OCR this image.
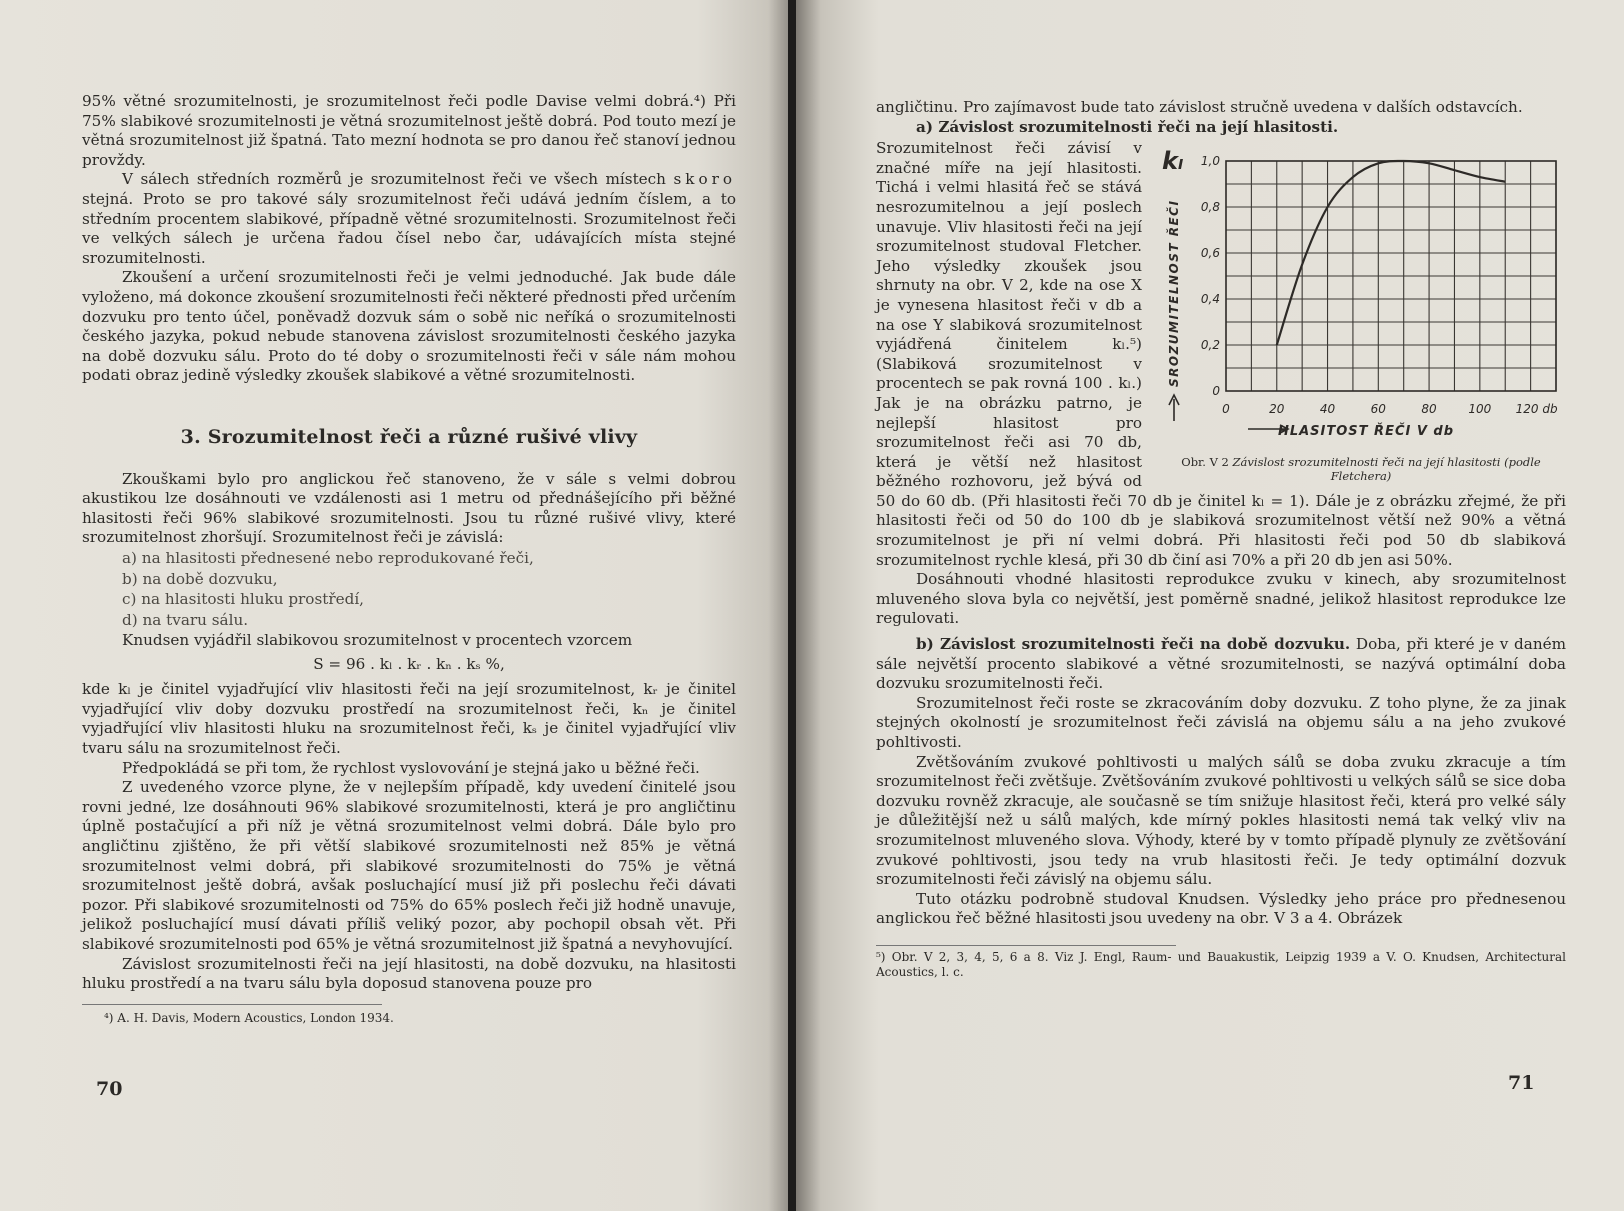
95% větné srozumitelnosti, je srozumitelnost řeči podle Davise velmi dobrá.⁴) Při 75% slabikové srozumitelnosti je větná srozumitelnost ještě dobrá. Pod touto mezí je větná srozumitelnost již špatná. Tato mezní hodnota se pro danou řeč stanoví jednou provždy.

V sálech středních rozměrů je srozumitelnost řeči ve všech místech skoro stejná. Proto se pro takové sály srozumitelnost řeči udává jedním číslem, a to středním procentem slabikové, případně větné srozumitelnosti. Srozumitelnost řeči ve velkých sálech je určena řadou čísel nebo čar, udávajících místa stejné srozumitelnosti.

Zkoušení a určení srozumitelnosti řeči je velmi jednoduché. Jak bude dále vyloženo, má dokonce zkoušení srozumitelnosti řeči některé přednosti před určením dozvuku pro tento účel, poněvadž dozvuk sám o sobě nic neříká o srozumitelnosti českého jazyka, pokud nebude stanovena závislost srozumitelnosti českého jazyka na době dozvuku sálu. Proto do té doby o srozumitelnosti řeči v sále nám mohou podati obraz jedině výsledky zkoušek slabikové a větné srozumitelnosti.

3. Srozumitelnost řeči a různé rušivé vlivy

Zkouškami bylo pro anglickou řeč stanoveno, že v sále s velmi dobrou akustikou lze dosáhnouti ve vzdálenosti asi 1 metru od přednášejícího při běžné hlasitosti řeči 96% slabikové srozumitelnosti. Jsou tu různé rušivé vlivy, které srozumitelnost zhoršují. Srozumitelnost řeči je závislá:

a) na hlasitosti přednesené nebo reprodukované řeči,
b) na době dozvuku,
c) na hlasitosti hluku prostředí,
d) na tvaru sálu.

Knudsen vyjádřil slabikovou srozumitelnost v procentech vzorcem

S = 96 . kₗ . kᵣ . kₙ . kₛ %,

kde kₗ je činitel vyjadřující vliv hlasitosti řeči na její srozumitelnost, kᵣ je činitel vyjadřující vliv doby dozvuku prostředí na srozumitelnost řeči, kₙ je činitel vyjadřující vliv hlasitosti hluku na srozumitelnost řeči, kₛ je činitel vyjadřující vliv tvaru sálu na srozumitelnost řeči.

Předpokládá se při tom, že rychlost vyslovování je stejná jako u běžné řeči.

Z uvedeného vzorce plyne, že v nejlepším případě, kdy uvedení činitelé jsou rovni jedné, lze dosáhnouti 96% slabikové srozumitelnosti, která je pro angličtinu úplně postačující a při níž je větná srozumitelnost velmi dobrá. Dále bylo pro angličtinu zjištěno, že při větší slabikové srozumitelnosti než 85% je větná srozumitelnost velmi dobrá, při slabikové srozumitelnosti do 75% je větná srozumitelnost ještě dobrá, avšak posluchající musí již při poslechu řeči dávati pozor. Při slabikové srozumitelnosti od 75% do 65% poslech řeči již hodně unavuje, jelikož posluchající musí dávati příliš veliký pozor, aby pochopil obsah vět. Při slabikové srozumitelnosti pod 65% je větná srozumitelnost již špatná a nevyhovující.

Závislost srozumitelnosti řeči na její hlasitosti, na době dozvuku, na hlasitosti hluku prostředí a na tvaru sálu byla doposud stanovena pouze pro

⁴) A. H. Davis, Modern Acoustics, London 1934.

70

angličtinu. Pro zajímavost bude tato závislost stručně uvedena v dalších odstavcích.

a) Závislost srozumitelnosti řeči na její hlasitosti.

0	20	40	60	80	100 120 db
0
0,2
0,4
0,6
0,8
1,0
kₗ
SROZUMITELNOST ŘEČI
HLASITOST ŘEČI V db
Obr. V 2 Závislost srozumitelnosti řeči na její hlasitosti (podle Fletchera)

Srozumitelnost řeči závisí v značné míře na její hlasitosti. Tichá i velmi hlasitá řeč se stává nesrozumitelnou a její poslech unavuje. Vliv hlasitosti řeči na její srozumitelnost studoval Fletcher. Jeho výsledky zkoušek jsou shrnuty na obr. V 2, kde na ose X je vynesena hlasitost řeči v db a na ose Y slabiková srozumitelnost vyjádřená činitelem kₗ.⁵) (Slabiková srozumitelnost v procentech se pak rovná 100 . kₗ.) Jak je na obrázku patrno, je nejlepší hlasitost pro srozumitelnost řeči asi 70 db, která je větší než hlasitost běžného rozhovoru, jež bývá od 50 do 60 db. (Při hlasitosti řeči 70 db je činitel kₗ = 1). Dále je z obrázku zřejmé, že při hlasitosti řeči od 50 do 100 db je slabiková srozumitelnost větší než 90% a větná srozumitelnost je při ní velmi dobrá. Při hlasitosti řeči pod 50 db slabiková srozumitelnost rychle klesá, při 30 db činí asi 70% a při 20 db jen asi 50%.

Dosáhnouti vhodné hlasitosti reprodukce zvuku v kinech, aby srozumitelnost mluveného slova byla co největší, jest poměrně snadné, jelikož hlasitost reprodukce lze regulovati.

b) Závislost srozumitelnosti řeči na době dozvuku. Doba, při které je v daném sále největší procento slabikové a větné srozumitelnosti, se nazývá optimální doba dozvuku srozumitelnosti řeči.

Srozumitelnost řeči roste se zkracováním doby dozvuku. Z toho plyne, že za jinak stejných okolností je srozumitelnost řeči závislá na objemu sálu a na jeho zvukové pohltivosti.

Zvětšováním zvukové pohltivosti u malých sálů se doba zvuku zkracuje a tím srozumitelnost řeči zvětšuje. Zvětšováním zvukové pohltivosti u velkých sálů se sice doba dozvuku rovněž zkracuje, ale současně se tím snižuje hlasitost řeči, která pro velké sály je důležitější než u sálů malých, kde mírný pokles hlasitosti nemá tak velký vliv na srozumitelnost mluveného slova. Výhody, které by v tomto případě plynuly ze zvětšování zvukové pohltivosti, jsou tedy na vrub hlasitosti řeči. Je tedy optimální dozvuk srozumitelnosti řeči závislý na objemu sálu.

Tuto otázku podrobně studoval Knudsen. Výsledky jeho práce pro přednesenou anglickou řeč běžné hlasitosti jsou uvedeny na obr. V 3 a 4. Obrázek

⁵) Obr. V 2, 3, 4, 5, 6 a 8. Viz J. Engl, Raum- und Bauakustik, Leipzig 1939 a V. O. Knudsen, Architectural Acoustics, l. c.

71
